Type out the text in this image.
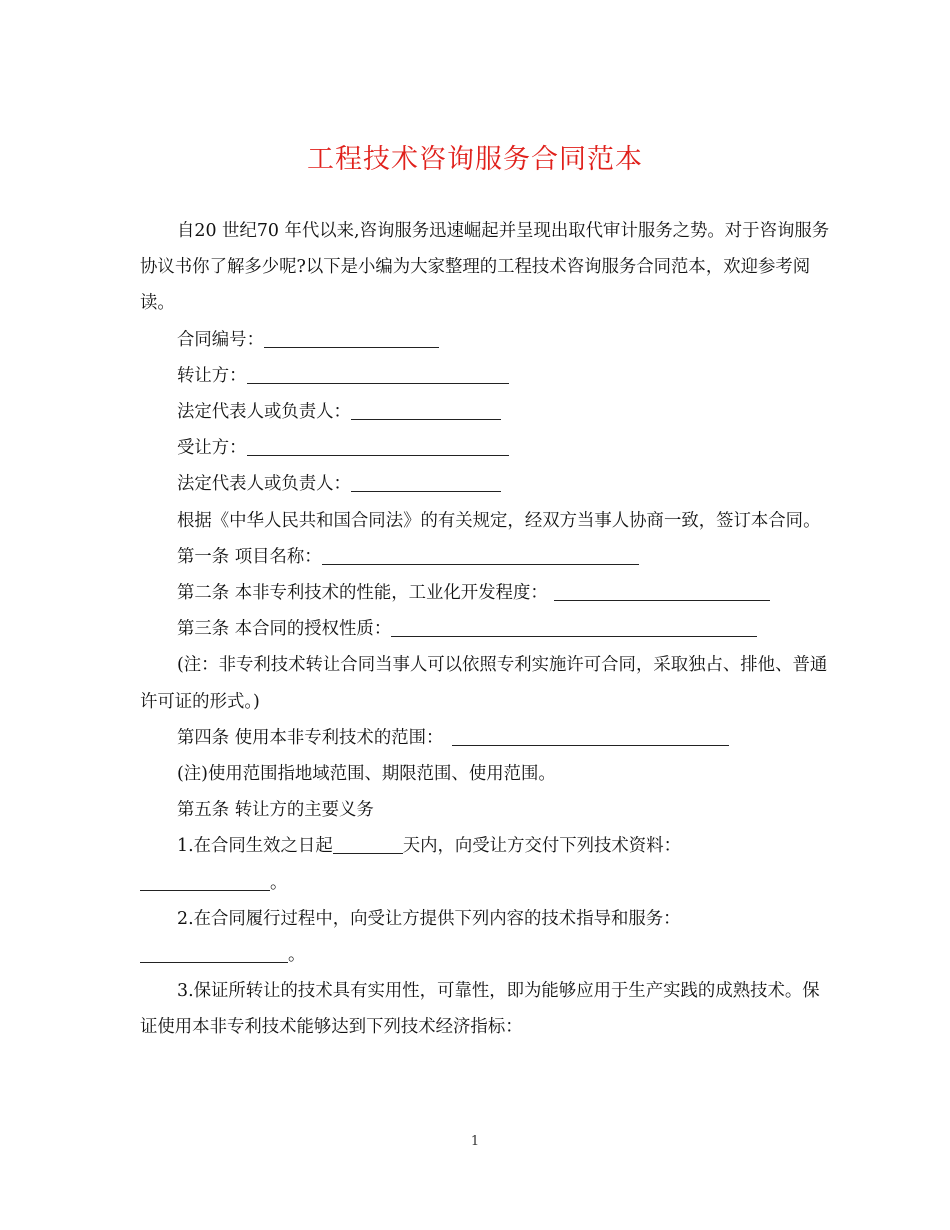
工程技术咨询服务合同范本

自20 世纪70 年代以来,咨询服务迅速崛起并呈现出取代审计服务之势。对于咨询服务协议书你了解多少呢?以下是小编为大家整理的工程技术咨询服务合同范本，欢迎参考阅读。

合同编号：

转让方：

法定代表人或负责人：

受让方：

法定代表人或负责人：

根据《中华人民共和国合同法》的有关规定，经双方当事人协商一致，签订本合同。

第一条 项目名称：

第二条 本非专利技术的性能，工业化开发程度：

第三条 本合同的授权性质：

(注：非专利技术转让合同当事人可以依照专利实施许可合同，采取独占、排他、普通许可证的形式。)

第四条 使用本非专利技术的范围：

(注)使用范围指地域范围、期限范围、使用范围。

第五条 转让方的主要义务

1.在合同生效之日起	天内，向受让方交付下列技术资料：

。

2.在合同履行过程中，向受让方提供下列内容的技术指导和服务：

。

3.保证所转让的技术具有实用性，可靠性，即为能够应用于生产实践的成熟技术。保证使用本非专利技术能够达到下列技术经济指标：

1
